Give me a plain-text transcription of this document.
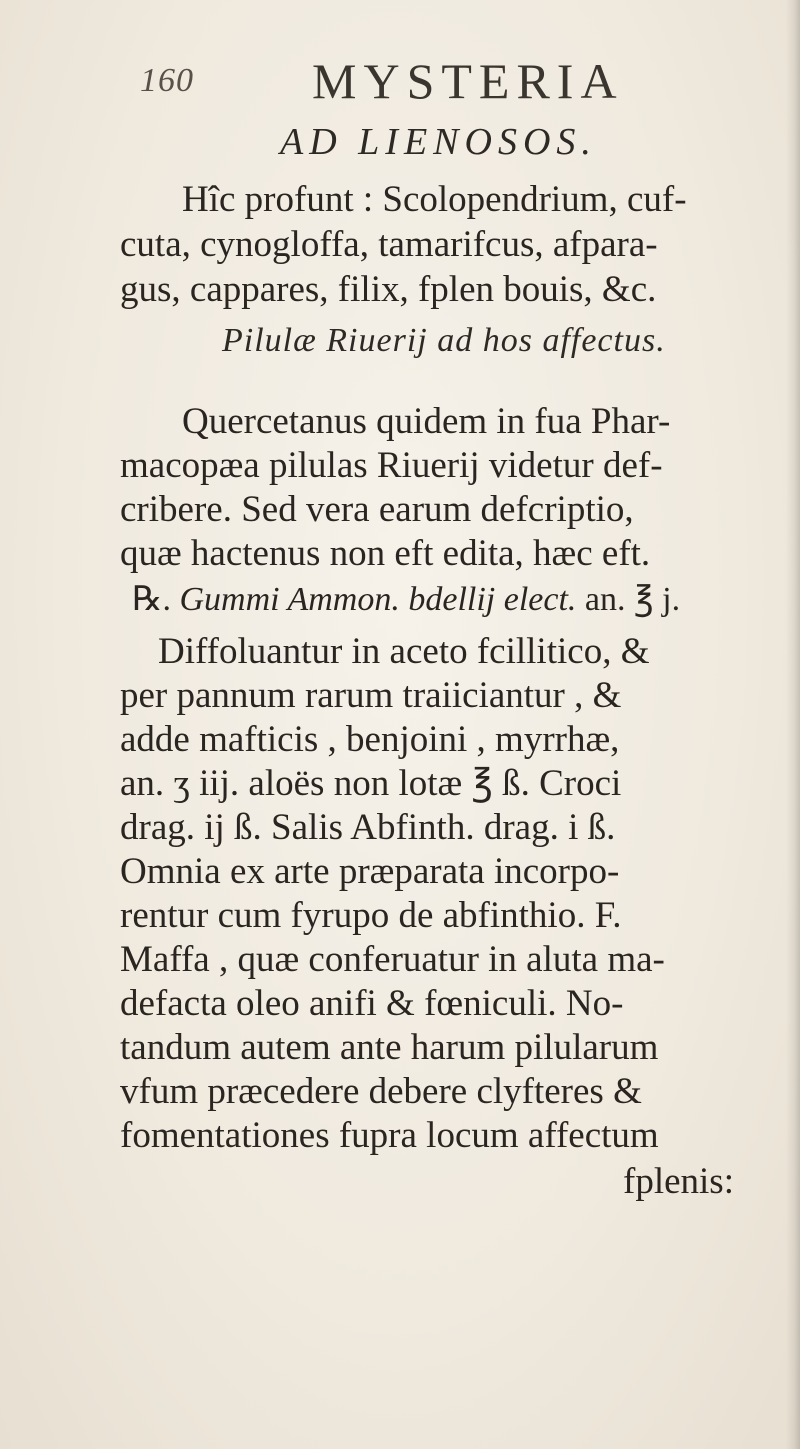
160 MYSTERIA
AD LIENOSOS.
Hîc profunt : Scolopendrium, cuf-
cuta, cynogloffa, tamarifcus, afpara-
gus, cappares, filix, fplen bouis, &c.
Pilulæ Riuerij ad hos affectus.
Quercetanus quidem in fua Phar-
macopæa pilulas Riuerij videtur def-
cribere. Sed vera earum defcriptio,
quæ hactenus non eft edita, hæc eft.
℞. Gummi Ammon. bdellij elect. an. ℥ j.
Diffoluantur in aceto fcillitico, &
per pannum rarum traiiciantur , &
adde mafticis , benjoini , myrrhæ,
an. ʒ iij. aloës non lotæ ℥ ß. Croci
drag. ij ß. Salis Abfinth. drag. i ß.
Omnia ex arte præparata incorpo-
rentur cum fyrupo de abfinthio. F.
Maffa , quæ conferuatur in aluta ma-
defacta oleo anifi & fœniculi. No-
tandum autem ante harum pilularum
vfum præcedere debere clyfteres &
fomentationes fupra locum affectum
fplenis:
